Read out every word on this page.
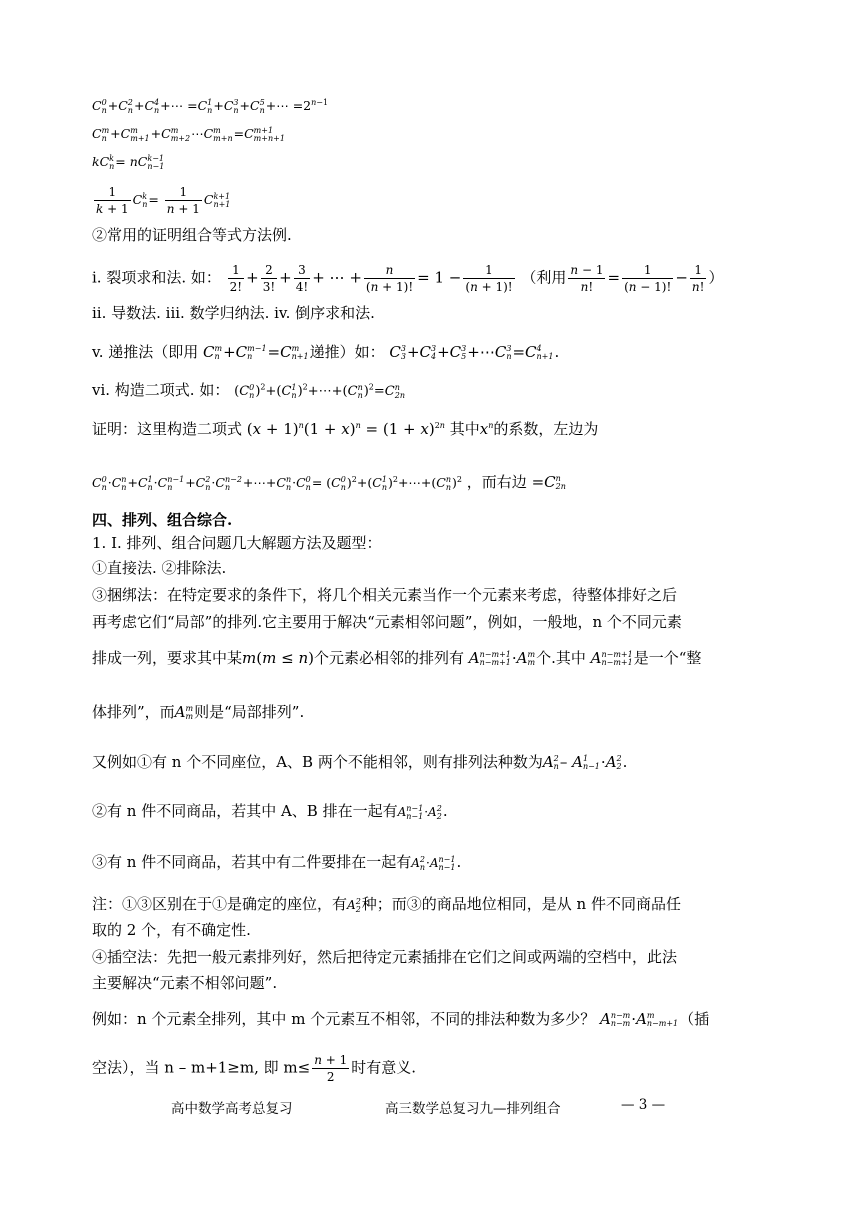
C 0
n +C 2
n +C 4
n +⋯ =C 1
n +C 3
n +C 5
n +⋯ $=2^{n-1}$
C m
n +C m
m+1 +C m
m+2 ⋯C m
m+n =C m+1
m+n+1
kC k
n = nC k−1
n−1
$\frac{1}{k + 1}$ C k
$n = \frac{1}{n + 1}$ C k+1
n+1
②常用的证明组合等式方法例.
i. 裂项求和法. 如： $\frac{1}{2!} + \frac{2}{3!} + \frac{3}{4!}$ + ⋯ + $\frac{n}{(n + 1)!} = 1 - \frac{1}{(n + 1)!}$ （利用 $\frac{n - 1}{n!} = \frac{1}{(n - 1)!} - \frac{1}{n!}$ ）
ii. 导数法. iii. 数学归纳法. iv. 倒序求和法.
v. 递推法（即用 C m
n +C m−1
n	=C m
n+1 递推）如： C 3
3 +C 3
4 +C 3
5 +⋯C 3
n =C 4
n+1 .
vi. 构造二项式. 如： (C 0
n )$^2$+(C 1
n )$^2$+⋯+(C n
n )$^2$=C n
2n
证明：这里构造二项式 $(x + 1)^n(1 + x)^n = (1 + x)^{2n}$ 其中$x^n$的系数，左边为
C 0
n ·C n
n +C 1
n ·C n−1
n	+C 2
n ·C n−2
n	+⋯+C n
n ·C 0
n = (C 0
n )$^2$+(C 1
n )$^2$+⋯+(C n
n )$^2$ ，而右边 =C n
2n
四、排列、组合综合.
1. I. 排列、组合问题几大解题方法及题型：
①直接法. ②排除法.
③捆绑法：在特定要求的条件下，将几个相关元素当作一个元素来考虑，待整体排好之后
再考虑它们“局部”的排列.它主要用于解决“元素相邻问题”，例如，一般地，n 个不同元素
排成一列，要求其中某m(m ≤ n)个元素必相邻的排列有 A n−m+1
n−m+1 ·A m
m 个.其中 A n−m+1
n−m+1 是一个“整
体排列”，而A m
m 则是“局部排列”.
又例如①有 n 个不同座位，A、B 两个不能相邻，则有排列法种数为A 2
n – A 1
n−1 ·A 2
2 .
②有 n 件不同商品，若其中 A、B 排在一起有A n−1
n−1 ·A 2
2 .
③有 n 件不同商品，若其中有二件要排在一起有A 2
n ·A n−1
n−1 .
注：①③区别在于①是确定的座位，有A 2
2 种；而③的商品地位相同，是从 n 件不同商品任
取的 2 个，有不确定性.
④插空法：先把一般元素排列好，然后把待定元素插排在它们之间或两端的空档中，此法
主要解决“元素不相邻问题”.
例如：n 个元素全排列，其中 m 个元素互不相邻，不同的排法种数为多少？ A n−m
n−m ·A m
n−m+1 （插
空法），当 n – m+1≥m, 即 $m\le \frac{n + 1}{2}$ 时有意义.
高中数学高考总复习	高三数学总复习九—排列组合	— 3 —
